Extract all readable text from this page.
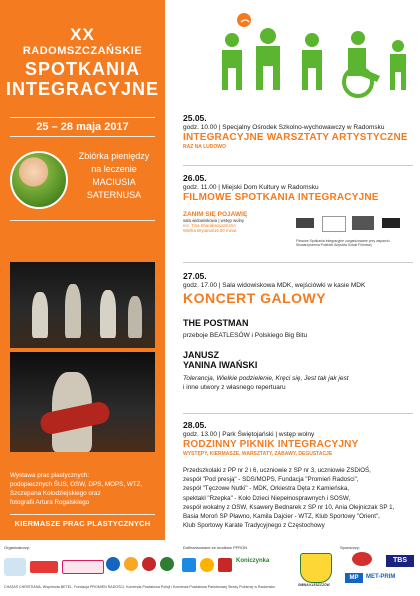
XX
RADOMSZCZAŃSKIE
SPOTKANIA
INTEGRACYJNE
25 – 28 maja 2017
Zbiórka pieniędzy
na leczenie
MACIUSIA
SATERNUSA
Wystawa prac plastycznych:
podopiecznych ŚUS, OSW, DPS, MOPS, WTZ,
Szczepana Kołodziejskiego oraz
fotografii Artura Rogalskiego
KIERMASZE PRAC PLASTYCZNYCH
25.05.
godz. 10.00 | Specjalny Ośrodek Szkolno-wychowawczy w Radomsku
INTEGRACYJNE WARSZTATY ARTYSTYCZNE
RAZ NA LUDOWO
26.05.
godz. 11.00 | Miejski Dom Kultury w Radomsku
FILMOWE SPOTKANIA INTEGRACYJNE
ZANIM SIĘ POJAWIĘ
sala widowiskowa | wstęp wolny
reż. Tina Sharakanyan/USA
Wielka Brytania/16:00 minut
Filmowe Spotkania Integracyjne zorganizowane przy wsparciu Stowarzyszenia Polskich Artystów Sztuki Filmowej
27.05.
godz. 17.00 | Sala widowiskowa MDK, wejściówki w kasie MDK
KONCERT GALOWY
THE POSTMAN
przeboje BEATLESÓW i Polskiego Big Bitu
JANUSZ
YANINA IWAŃSKI
Tolerancja, Wielkie podzielenie, Kręci się, Jest tak jak jest
i inne utwory z własnego repertuaru
28.05.
godz. 13.00 | Park Świętojański | wstęp wolny
RODZINNY PIKNIK INTEGRACYJNY
WYSTĘPY, KIERMASZE, WARSZTATY, ZABAWY, DEGUSTACJE
Przedszkolaki z PP nr 2 i 6, uczniowie z SP nr 3, uczniowie ZSDiOŚ,
zespół "Pod presją" - SDS/MOPS, Fundacja "Promień Radości",
zespół "Tęczowe Nutki" - MDK, Orkiestra Dęta z Kamieńska,
spektakl "Rzepka" - Koło Dzieci Niepełnosprawnych i SOSW,
zespół wokalny z OSW, Ksawery Bednarek z SP nr 10, Ania Olejniczak SP 1,
Basia Moroń SP Pławno, Kamila Dajcier - WTZ, Klub Sportowy "Orient",
Klub Sportowy Karate Tradycyjnego z Częstochowy
Organizatorzy:	Dofinansowane ze środków PFRON	Sponsorzy:
Koniczynka
GMINA KLESZCZÓW
TBS
MP	MET-PRIM
CHATAS CHRISTIANA, Wspólnota BETEL, Fundacja PROMIEŃ RADOŚCI, Komenda Powiatowa Policji i Komenda Powiatowa Państwowej Straży Pożarnej w Radomsku
